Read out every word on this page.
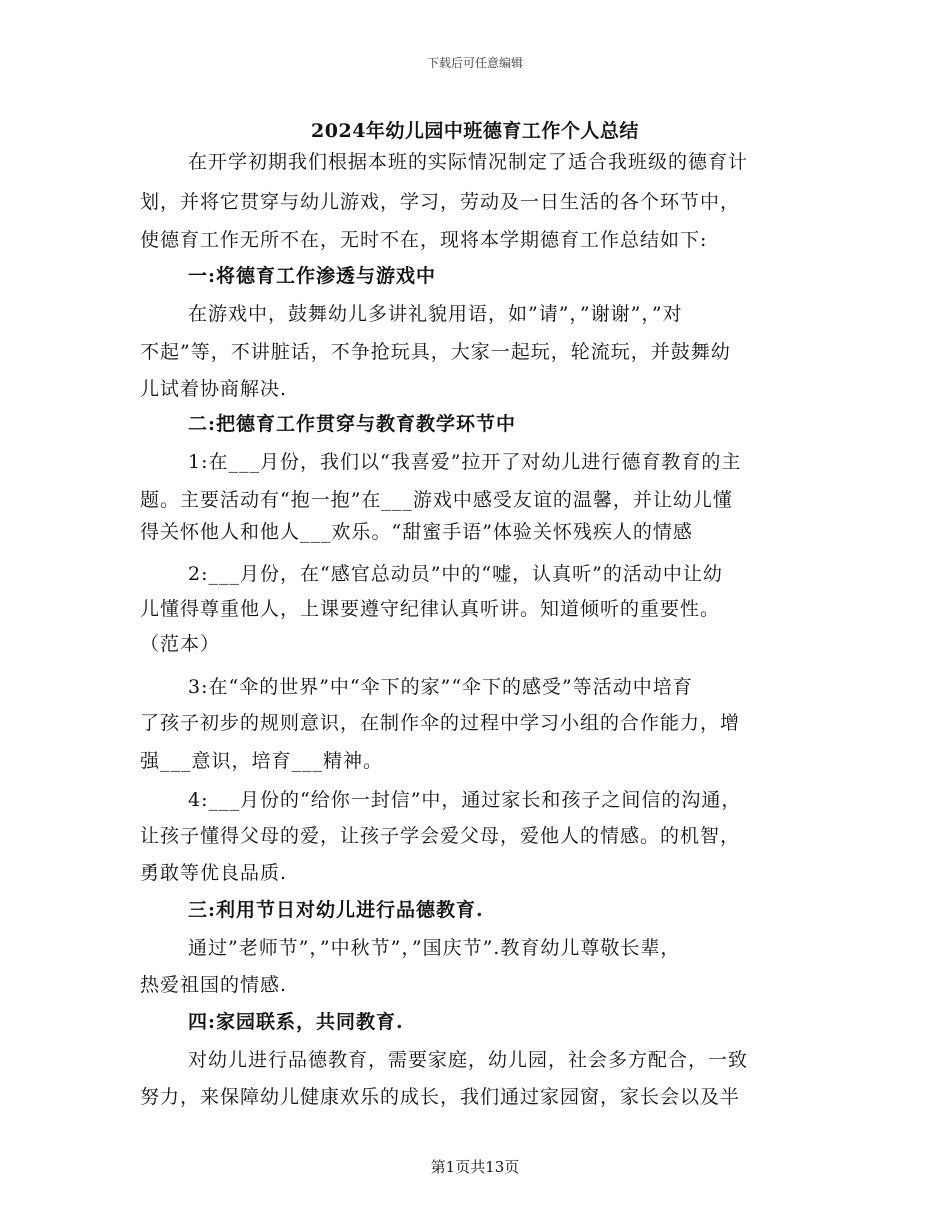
下载后可任意编辑
2024年幼儿园中班德育工作个人总结
在开学初期我们根据本班的实际情况制定了适合我班级的德育计
划，并将它贯穿与幼儿游戏，学习，劳动及一日生活的各个环节中，
使德育工作无所不在，无时不在，现将本学期德育工作总结如下:
一:将德育工作渗透与游戏中
在游戏中，鼓舞幼儿多讲礼貌用语，如”请”，”谢谢”，”对
不起”等，不讲脏话，不争抢玩具，大家一起玩，轮流玩，并鼓舞幼
儿试着协商解决.
二:把德育工作贯穿与教育教学环节中
1:在___月份，我们以“我喜爱”拉开了对幼儿进行德育教育的主
题。主要活动有“抱一抱”在___游戏中感受友谊的温馨，并让幼儿懂
得关怀他人和他人___欢乐。“甜蜜手语”体验关怀残疾人的情感
2:___月份，在“感官总动员”中的“嘘，认真听”的活动中让幼
儿懂得尊重他人，上课要遵守纪律认真听讲。知道倾听的重要性。
（范本）
3:在“伞的世界”中“伞下的家”“伞下的感受”等活动中培育
了孩子初步的规则意识，在制作伞的过程中学习小组的合作能力，增
强___意识，培育___精神。
4:___月份的“给你一封信”中，通过家长和孩子之间信的沟通，
让孩子懂得父母的爱，让孩子学会爱父母，爱他人的情感。的机智，
勇敢等优良品质.
三:利用节日对幼儿进行品德教育.
通过”老师节”，”中秋节”，”国庆节”.教育幼儿尊敬长辈，
热爱祖国的情感.
四:家园联系，共同教育.
对幼儿进行品德教育，需要家庭，幼儿园，社会多方配合，一致
努力，来保障幼儿健康欢乐的成长，我们通过家园窗，家长会以及半
第1页共13页
